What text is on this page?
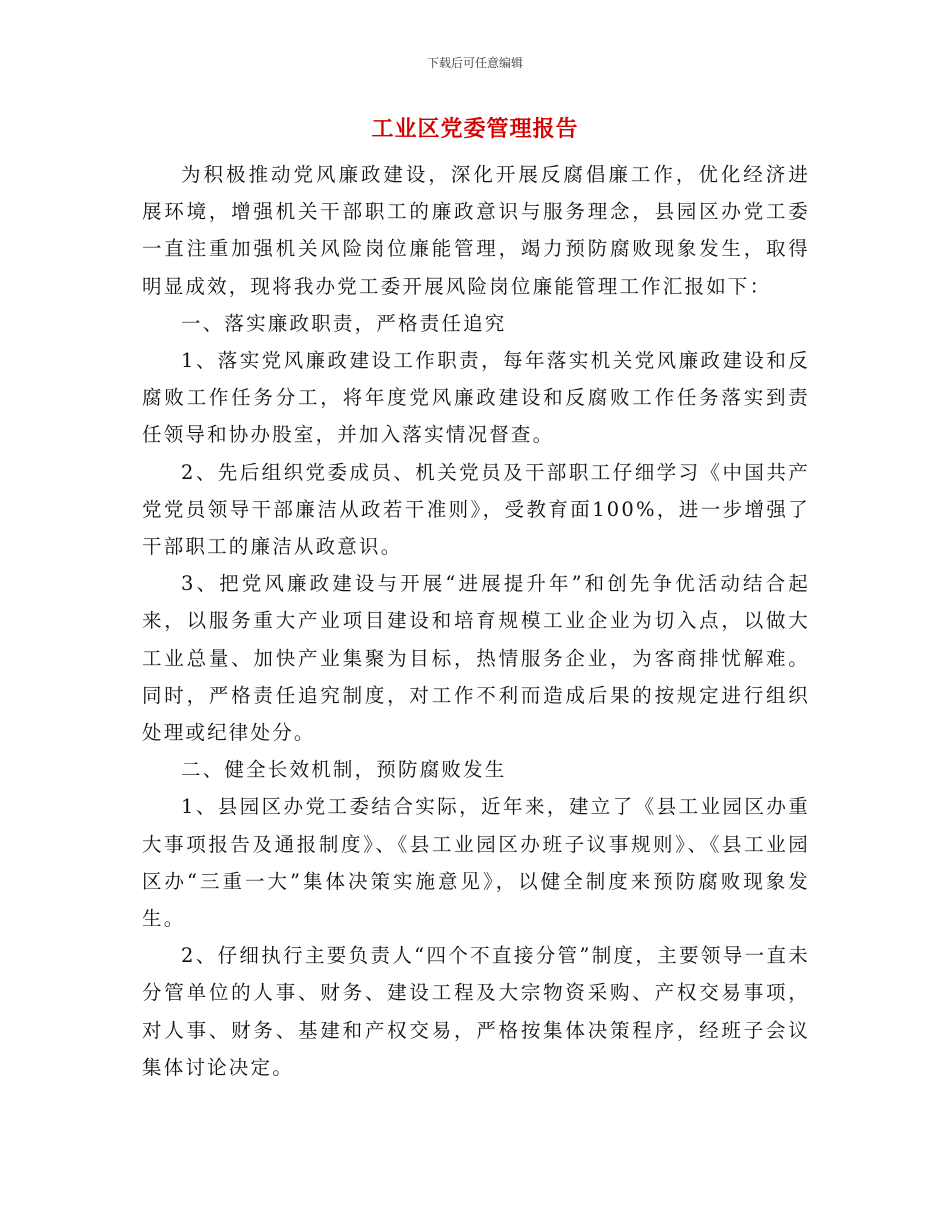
下载后可任意编辑
工业区党委管理报告

为积极推动党风廉政建设，深化开展反腐倡廉工作，优化经济进展环境，增强机关干部职工的廉政意识与服务理念，县园区办党工委一直注重加强机关风险岗位廉能管理，竭力预防腐败现象发生，取得明显成效，现将我办党工委开展风险岗位廉能管理工作汇报如下：

一、落实廉政职责，严格责任追究

1、落实党风廉政建设工作职责，每年落实机关党风廉政建设和反腐败工作任务分工，将年度党风廉政建设和反腐败工作任务落实到责任领导和协办股室，并加入落实情况督查。

2、先后组织党委成员、机关党员及干部职工仔细学习《中国共产党党员领导干部廉洁从政若干准则》，受教育面100%，进一步增强了干部职工的廉洁从政意识。

3、把党风廉政建设与开展“进展提升年”和创先争优活动结合起来，以服务重大产业项目建设和培育规模工业企业为切入点，以做大工业总量、加快产业集聚为目标，热情服务企业，为客商排忧解难。同时，严格责任追究制度，对工作不利而造成后果的按规定进行组织处理或纪律处分。

二、健全长效机制，预防腐败发生

1、县园区办党工委结合实际，近年来，建立了《县工业园区办重大事项报告及通报制度》、《县工业园区办班子议事规则》、《县工业园区办“三重一大”集体决策实施意见》，以健全制度来预防腐败现象发生。

2、仔细执行主要负责人“四个不直接分管”制度，主要领导一直未分管单位的人事、财务、建设工程及大宗物资采购、产权交易事项，对人事、财务、基建和产权交易，严格按集体决策程序，经班子会议集体讨论决定。
